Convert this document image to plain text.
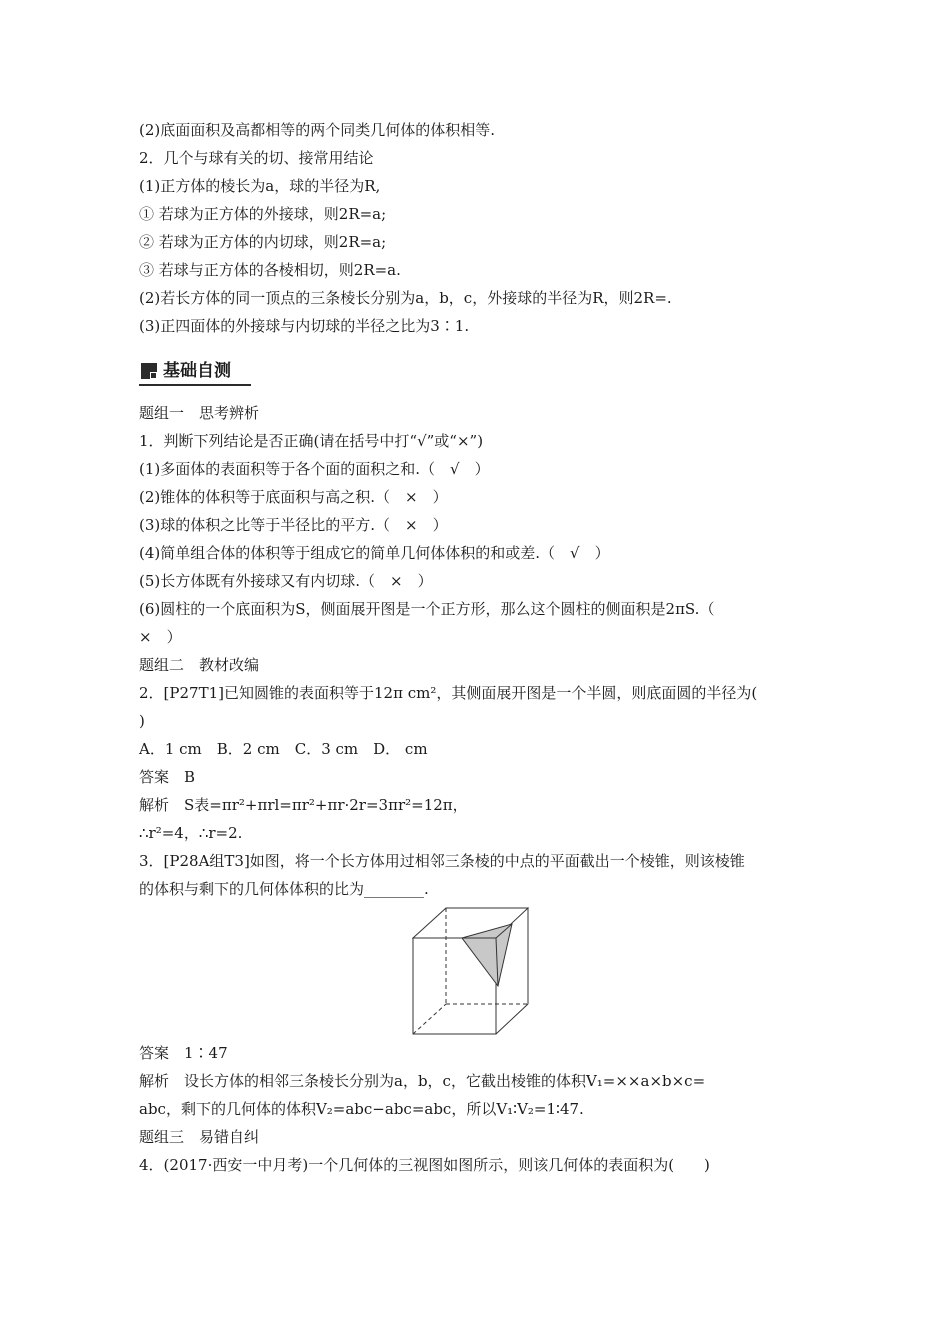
(2)底面面积及高都相等的两个同类几何体的体积相等.
2．几个与球有关的切、接常用结论
(1)正方体的棱长为a，球的半径为R,
① 若球为正方体的外接球，则2R=a;
② 若球为正方体的内切球，则2R=a;
③ 若球与正方体的各棱相切，则2R=a.
(2)若长方体的同一顶点的三条棱长分别为a，b，c，外接球的半径为R，则2R=.
(3)正四面体的外接球与内切球的半径之比为3∶1.
基础自测
题组一　思考辨析
1．判断下列结论是否正确(请在括号中打“√”或“×”)
(1)多面体的表面积等于各个面的面积之和.（　√　）
(2)锥体的体积等于底面积与高之积.（　×　）
(3)球的体积之比等于半径比的平方.（　×　）
(4)简单组合体的体积等于组成它的简单几何体体积的和或差.（　√　）
(5)长方体既有外接球又有内切球.（　×　）
(6)圆柱的一个底面积为S，侧面展开图是一个正方形，那么这个圆柱的侧面积是2πS.（
×　）
题组二　教材改编
2．[P27T1]已知圆锥的表面积等于12π cm²，其侧面展开图是一个半圆，则底面圆的半径为(
)
A．1 cm　B．2 cm　C．3 cm　D． cm
答案　B
解析　S表=πr²+πrl=πr²+πr·2r=3πr²=12π，
∴r²=4，∴r=2.
3．[P28A组T3]如图，将一个长方体用过相邻三条棱的中点的平面截出一个棱锥，则该棱锥
的体积与剩下的几何体体积的比为________.
答案　1∶47
解析　设长方体的相邻三条棱长分别为a，b，c，它截出棱锥的体积V₁=××a×b×c=
abc，剩下的几何体的体积V₂=abc−abc=abc，所以V₁∶V₂=1∶47.
题组三　易错自纠
4．(2017·西安一中月考)一个几何体的三视图如图所示，则该几何体的表面积为(　　)
